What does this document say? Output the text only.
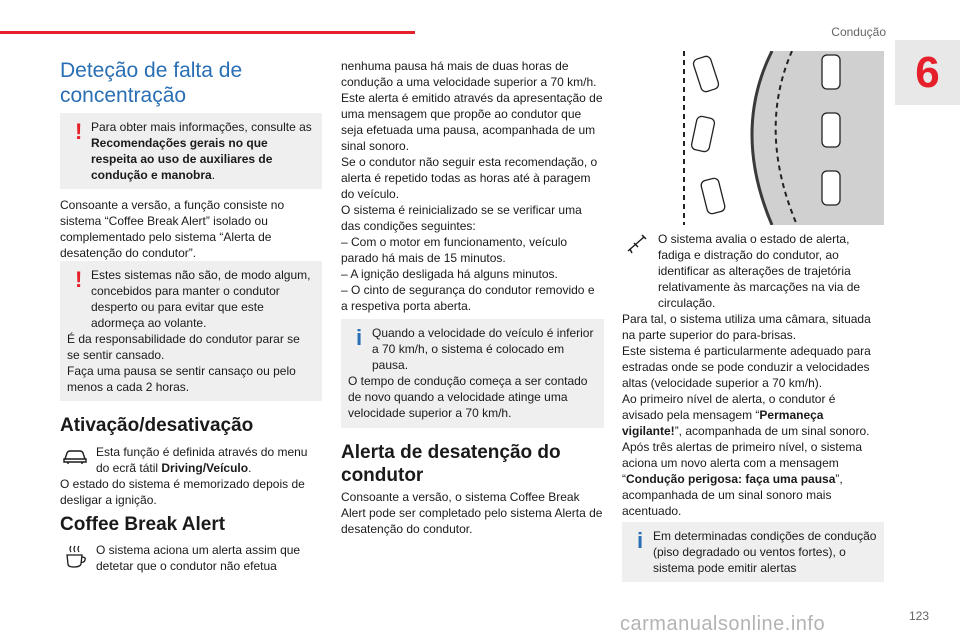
Condução
6
Deteção de falta de concentração
! Para obter mais informações, consulte as Recomendações gerais no que respeita ao uso de auxiliares de condução e manobra.
Consoante a versão, a função consiste no sistema “Coffee Break Alert” isolado ou complementado pelo sistema “Alerta de desatenção do condutor”.
! Estes sistemas não são, de modo algum, concebidos para manter o condutor desperto ou para evitar que este adormeça ao volante.
É da responsabilidade do condutor parar se se sentir cansado.
Faça uma pausa se sentir cansaço ou pelo menos a cada 2 horas.
Ativação/desativação
Esta função é definida através do menu do ecrã tátil Driving/Veículo.
O estado do sistema é memorizado depois de desligar a ignição.
Coffee Break Alert
O sistema aciona um alerta assim que detetar que o condutor não efetua
nenhuma pausa há mais de duas horas de condução a uma velocidade superior a 70 km/h.
Este alerta é emitido através da apresentação de uma mensagem que propõe ao condutor que seja efetuada uma pausa, acompanhada de um sinal sonoro.
Se o condutor não seguir esta recomendação, o alerta é repetido todas as horas até à paragem do veículo.
O sistema é reinicializado se se verificar uma das condições seguintes:
– Com o motor em funcionamento, veículo parado há mais de 15 minutos.
– A ignição desligada há alguns minutos.
– O cinto de segurança do condutor removido e a respetiva porta aberta.
i Quando a velocidade do veículo é inferior a 70 km/h, o sistema é colocado em pausa.
O tempo de condução começa a ser contado de novo quando a velocidade atinge uma velocidade superior a 70 km/h.
Alerta de desatenção do condutor
Consoante a versão, o sistema Coffee Break Alert pode ser completado pelo sistema Alerta de desatenção do condutor.
O sistema avalia o estado de alerta, fadiga e distração do condutor, ao identificar as alterações de trajetória relativamente às marcações na via de circulação.
Para tal, o sistema utiliza uma câmara, situada na parte superior do para-brisas.
Este sistema é particularmente adequado para estradas onde se pode conduzir a velocidades altas (velocidade superior a 70 km/h).
Ao primeiro nível de alerta, o condutor é avisado pela mensagem “Permaneça vigilante!”, acompanhada de um sinal sonoro.
Após três alertas de primeiro nível, o sistema aciona um novo alerta com a mensagem “Condução perigosa: faça uma pausa”, acompanhada de um sinal sonoro mais acentuado.
i Em determinadas condições de condução (piso degradado ou ventos fortes), o sistema pode emitir alertas
123
carmanualsonline.info
